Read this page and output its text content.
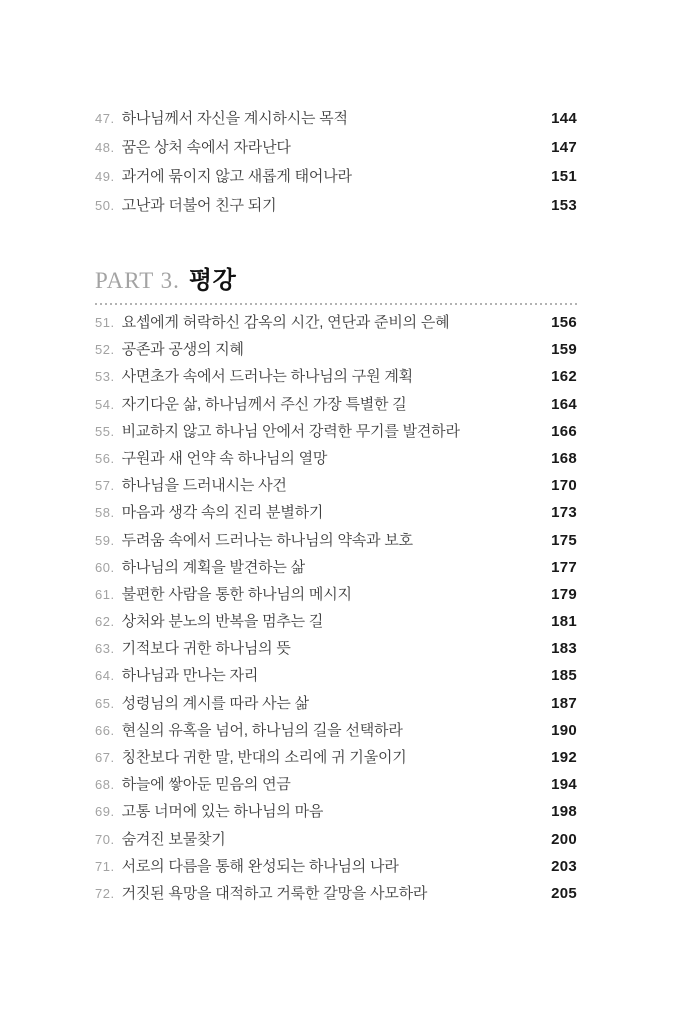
47. 하나님께서 자신을 계시하시는 목적	144
48. 꿈은 상처 속에서 자라난다	147
49. 과거에 묶이지 않고 새롭게 태어나라	151
50. 고난과 더불어 친구 되기	153
PART 3. 평강
51. 요셉에게 허락하신 감옥의 시간, 연단과 준비의 은혜	156
52. 공존과 공생의 지혜	159
53. 사면초가 속에서 드러나는 하나님의 구원 계획	162
54. 자기다운 삶, 하나님께서 주신 가장 특별한 길	164
55. 비교하지 않고 하나님 안에서 강력한 무기를 발견하라	166
56. 구원과 새 언약 속 하나님의 열망	168
57. 하나님을 드러내시는 사건	170
58. 마음과 생각 속의 진리 분별하기	173
59. 두려움 속에서 드러나는 하나님의 약속과 보호	175
60. 하나님의 계획을 발견하는 삶	177
61. 불편한 사람을 통한 하나님의 메시지	179
62. 상처와 분노의 반복을 멈추는 길	181
63. 기적보다 귀한 하나님의 뜻	183
64. 하나님과 만나는 자리	185
65. 성령님의 계시를 따라 사는 삶	187
66. 현실의 유혹을 넘어, 하나님의 길을 선택하라	190
67. 칭찬보다 귀한 말, 반대의 소리에 귀 기울이기	192
68. 하늘에 쌓아둔 믿음의 연금	194
69. 고통 너머에 있는 하나님의 마음	198
70. 숨겨진 보물찾기	200
71. 서로의 다름을 통해 완성되는 하나님의 나라	203
72. 거짓된 욕망을 대적하고 거룩한 갈망을 사모하라	205
